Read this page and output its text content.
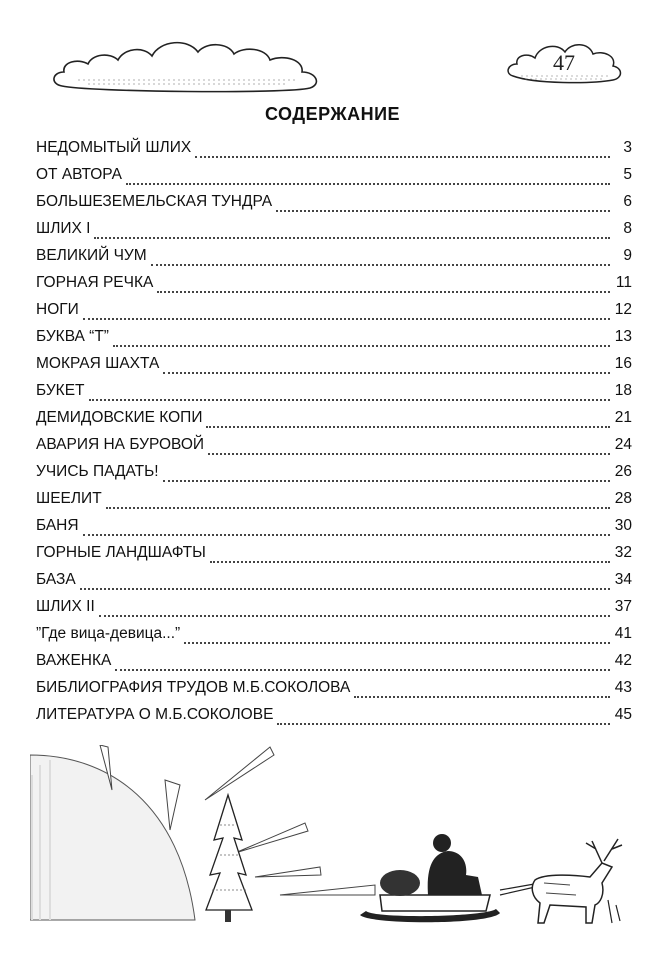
47
СОДЕРЖАНИЕ
НЕДОМЫТЫЙ ШЛИХ	3
ОТ АВТОРА	5
БОЛЬШЕЗЕМЕЛЬСКАЯ ТУНДРА	6
ШЛИХ I	8
ВЕЛИКИЙ ЧУМ	9
ГОРНАЯ РЕЧКА	11
НОГИ	12
БУКВА “Т”	13
МОКРАЯ ШАХТА	16
БУКЕТ	18
ДЕМИДОВСКИЕ КОПИ	21
АВАРИЯ НА БУРОВОЙ	24
УЧИСЬ ПАДАТЬ!	26
ШЕЕЛИТ	28
БАНЯ	30
ГОРНЫЕ ЛАНДШАФТЫ	32
БАЗА	34
ШЛИХ II	37
”Где вица-девица...”	41
ВАЖЕНКА	42
БИБЛИОГРАФИЯ ТРУДОВ М.Б.СОКОЛОВА	43
ЛИТЕРАТУРА О М.Б.СОКОЛОВЕ	45
